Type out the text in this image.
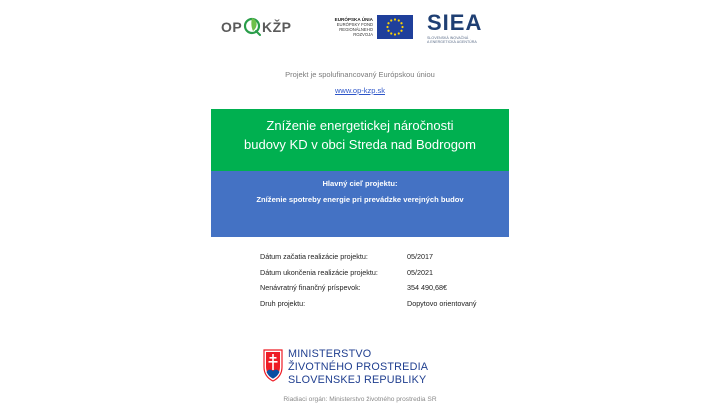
OP KŽP	EURÓPSKA ÚNIA
EURÓPSKY FOND
REGIONÁLNEHO ROZVOJA SIEA
SLOVENSKÁ INOVAČNÁ
A ENERGETICKÁ AGENTÚRA
Projekt je spolufinancovaný Európskou úniou
www.op-kzp.sk
Zníženie energetickej náročnosti
budovy KD v obci Streda nad Bodrogom
Hlavný cieľ projektu:
Zníženie spotreby energie pri prevádzke verejných budov
Dátum začatia realizácie projektu:	05/2017
Dátum ukončenia realizácie projektu:	05/2021
Nenávratný finančný príspevok:	354 490,68€
Druh projektu:	Dopytovo orientovaný
MINISTERSTVO
ŽIVOTNÉHO PROSTREDIA
SLOVENSKEJ REPUBLIKY
Riadiaci orgán: Ministerstvo životného prostredia SR
